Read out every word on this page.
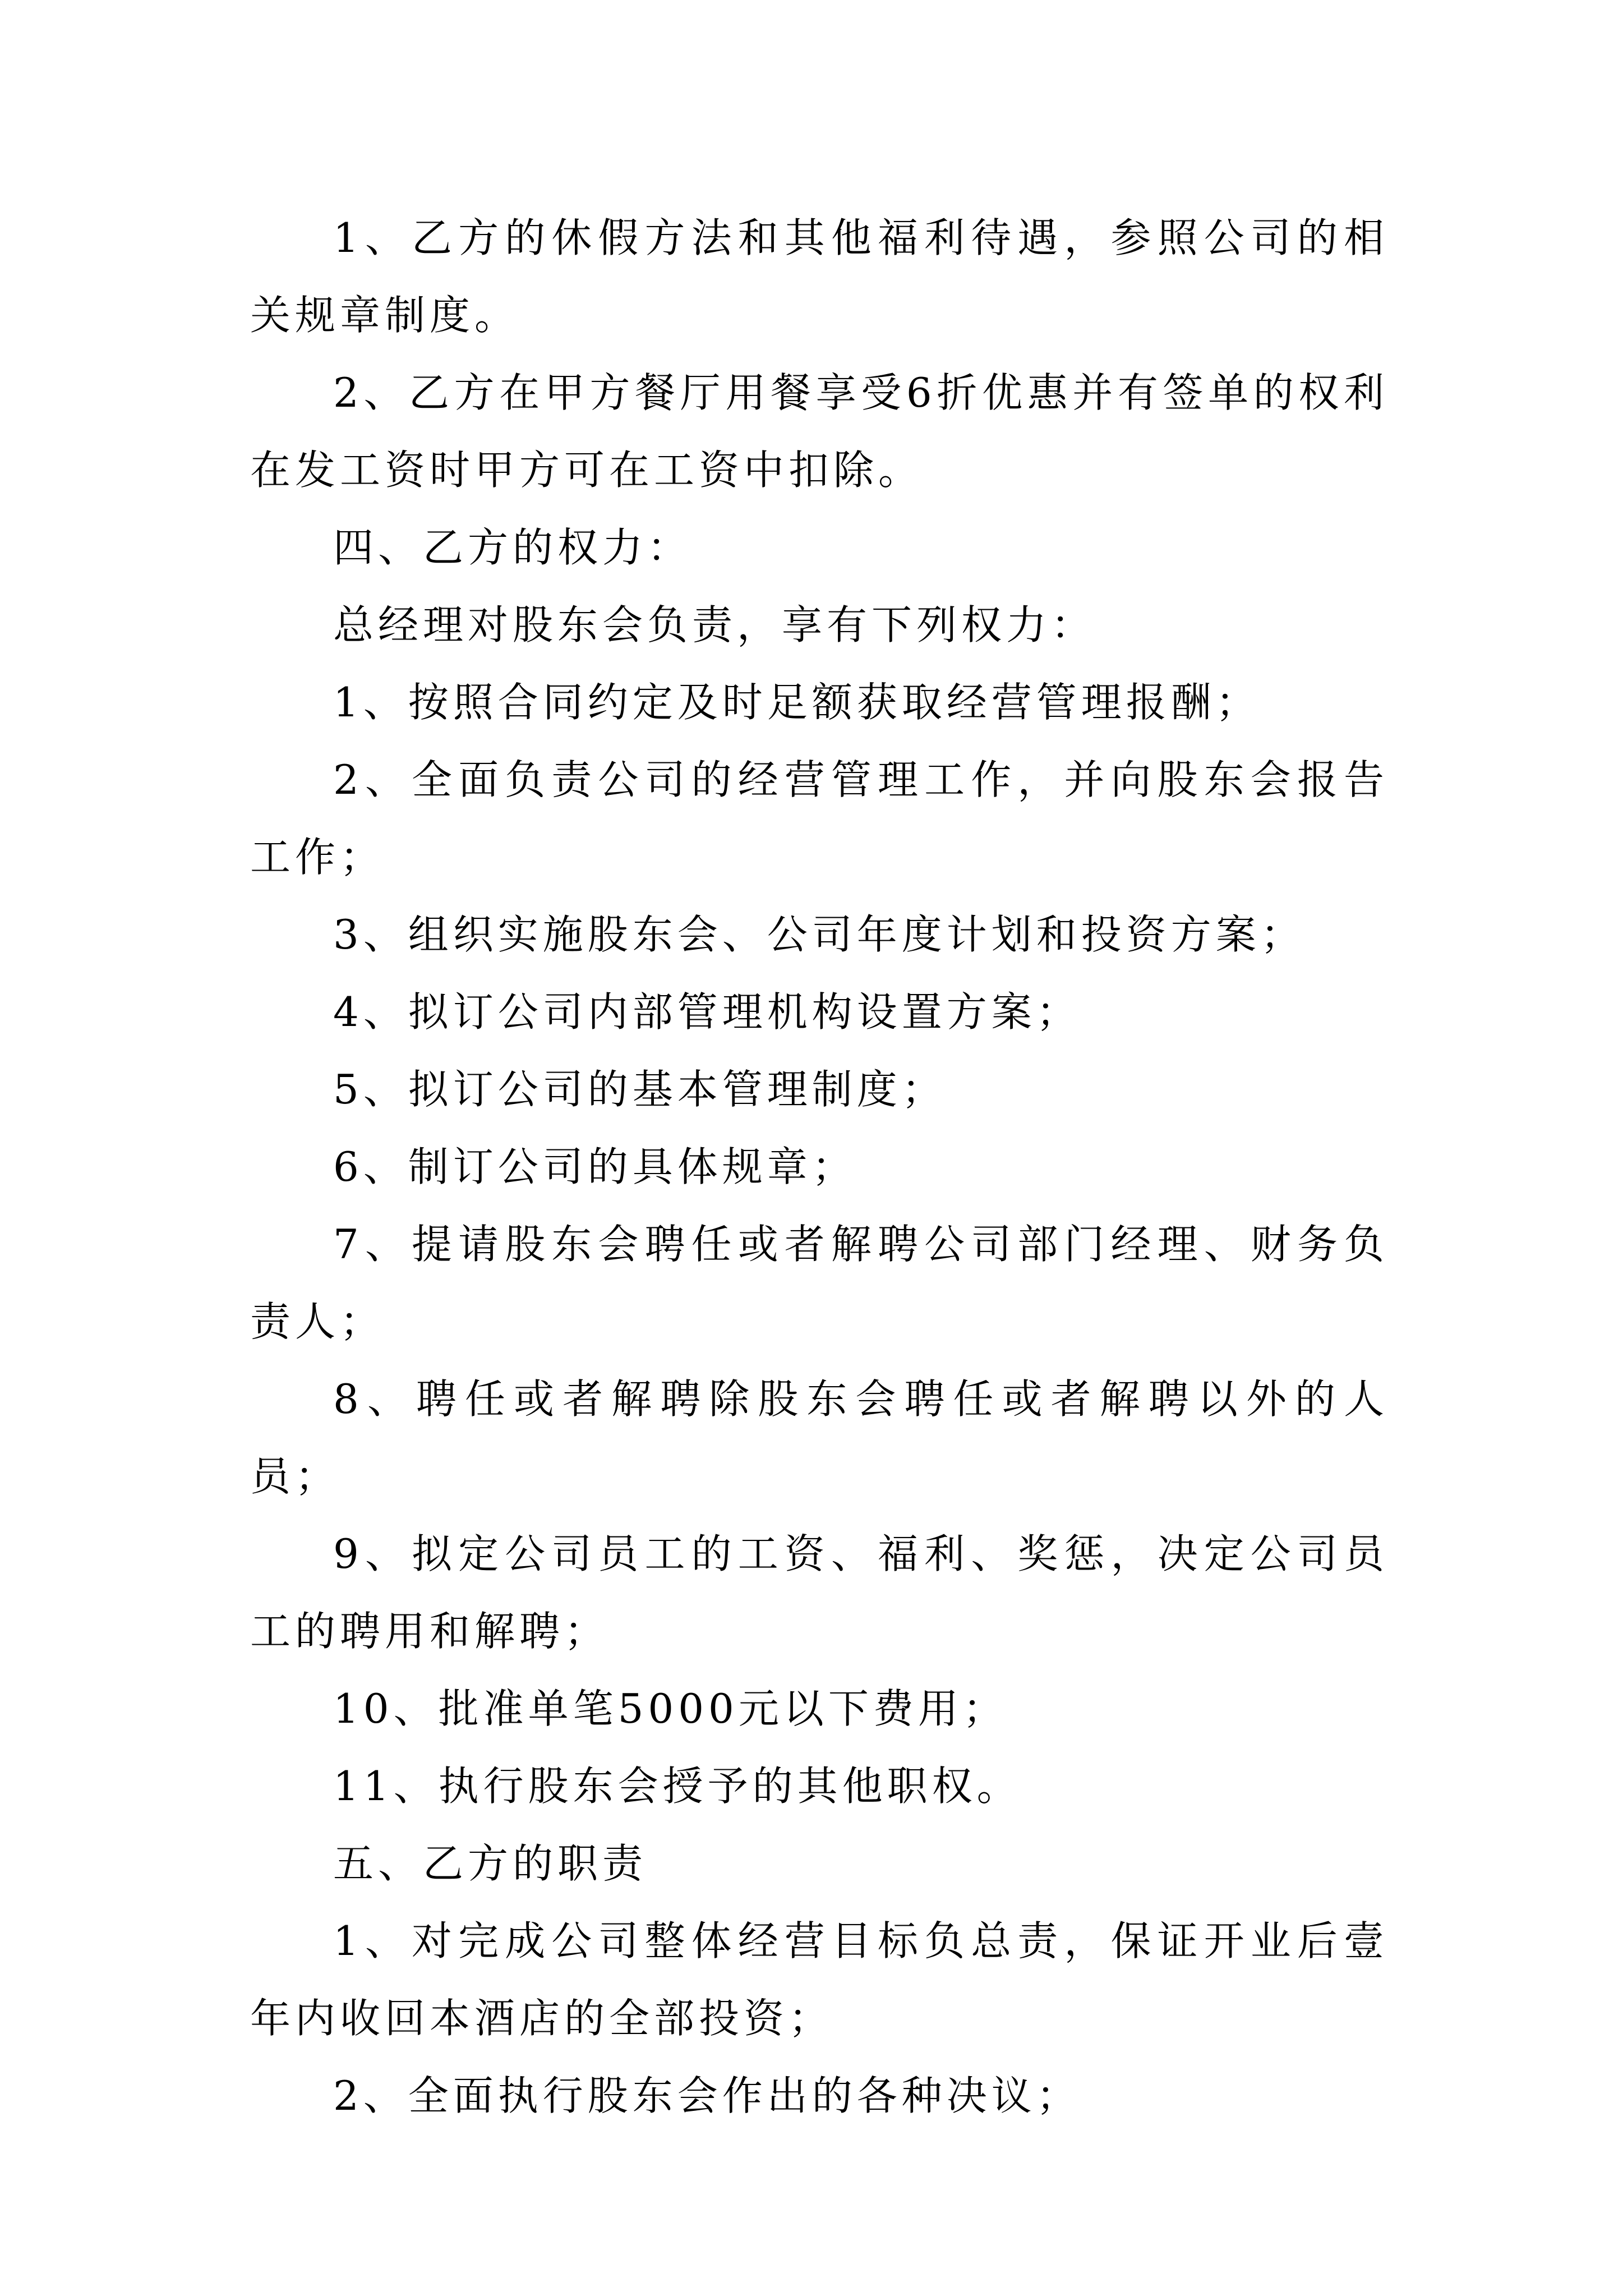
1、乙方的休假方法和其他福利待遇，参照公司的相关规章制度。

2、乙方在甲方餐厅用餐享受6折优惠并有签单的权利在发工资时甲方可在工资中扣除。

四、乙方的权力：

总经理对股东会负责，享有下列权力：

1、按照合同约定及时足额获取经营管理报酬；

2、全面负责公司的经营管理工作，并向股东会报告工作；

3、组织实施股东会、公司年度计划和投资方案；

4、拟订公司内部管理机构设置方案；

5、拟订公司的基本管理制度；

6、制订公司的具体规章；

7、提请股东会聘任或者解聘公司部门经理、财务负责人；

8、聘任或者解聘除股东会聘任或者解聘以外的人员；

9、拟定公司员工的工资、福利、奖惩，决定公司员工的聘用和解聘；

10、批准单笔5000元以下费用；

11、执行股东会授予的其他职权。

五、乙方的职责

1、对完成公司整体经营目标负总责，保证开业后壹年内收回本酒店的全部投资；

2、全面执行股东会作出的各种决议；
